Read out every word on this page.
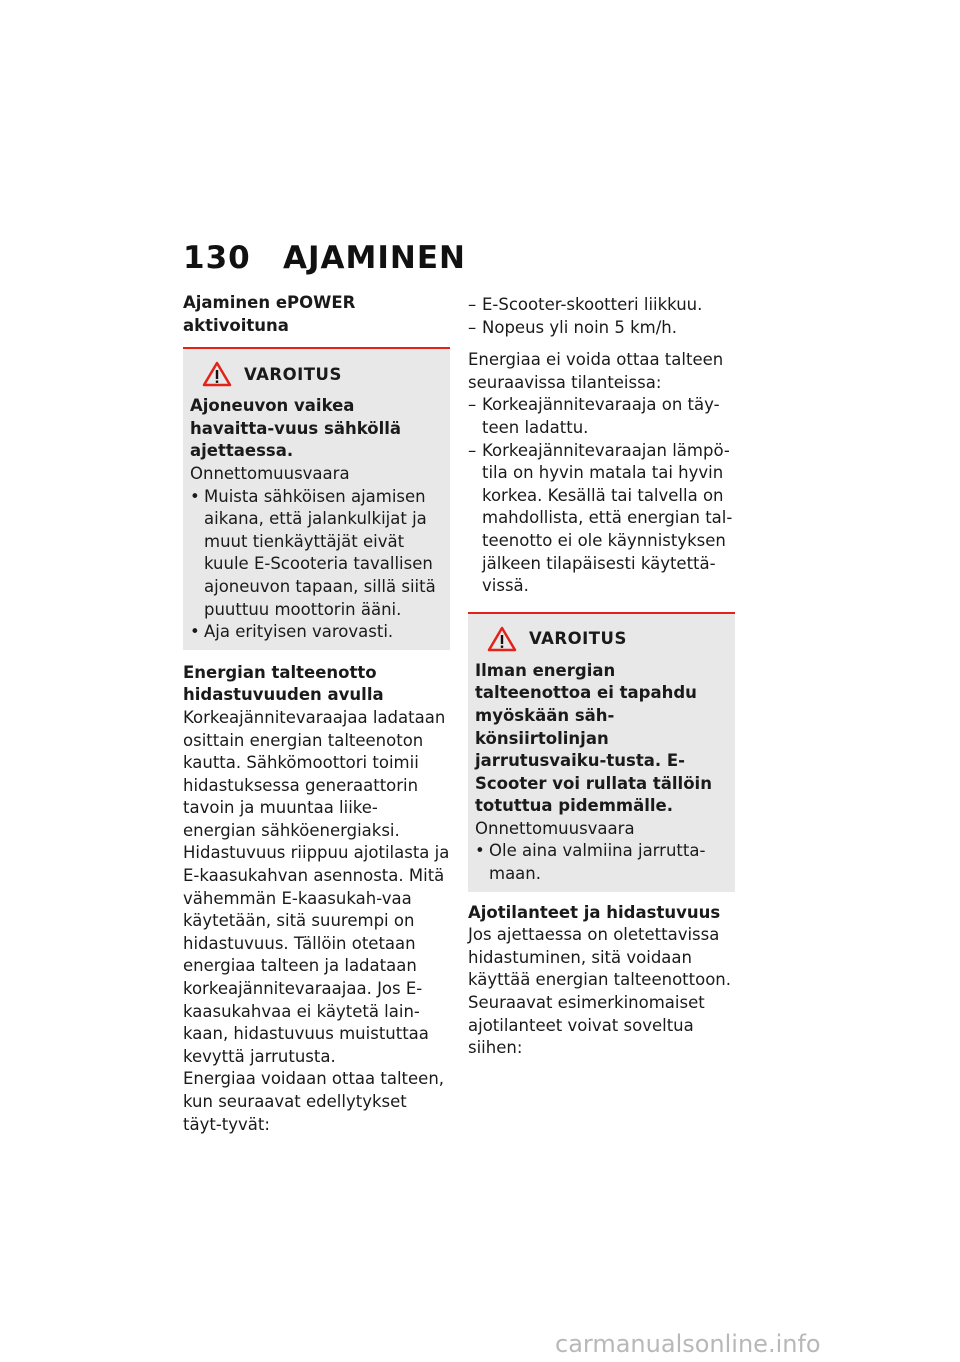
130 AJAMINEN
Ajaminen ePOWER aktivoituna
VAROITUS
Ajoneuvon vaikea havaitta-vuus sähköllä ajettaessa.
Onnettomuusvaara
• Muista sähköisen ajamisen aikana, että jalankulkijat ja muut tienkäyttäjät eivät kuule E-Scooteria tavallisen ajoneuvon tapaan, sillä siitä puuttuu moottorin ääni.
• Aja erityisen varovasti.
Energian talteenotto hidastuvuuden avulla
Korkeajännitevaraajaa ladataan osittain energian talteenoton kautta. Sähkömoottori toimii hidastuksessa generaattorin tavoin ja muuntaa liike-energian sähköenergiaksi.
Hidastuvuus riippuu ajotilasta ja E-kaasukahvan asennosta. Mitä vähemmän E-kaasukah-vaa käytetään, sitä suurempi on hidastuvuus. Tällöin otetaan energiaa talteen ja ladataan korkeajännitevaraajaa. Jos E-kaasukahvaa ei käytetä lain-kaan, hidastuvuus muistuttaa kevyttä jarrutusta.
Energiaa voidaan ottaa talteen, kun seuraavat edellytykset täyt-tyvät:
– E-Scooter-skootteri liikkuu.
– Nopeus yli noin 5 km/h.
Energiaa ei voida ottaa talteen seuraavissa tilanteissa:
– Korkeajännitevaraaja on täy-teen ladattu.
– Korkeajännitevaraajan lämpö-tila on hyvin matala tai hyvin korkea. Kesällä tai talvella on mahdollista, että energian tal-teenotto ei ole käynnistyksen jälkeen tilapäisesti käytettä-vissä.
VAROITUS
Ilman energian talteenottoa ei tapahdu myöskään säh-könsiirtolinjan jarrutusvaiku-tusta. E-Scooter voi rullata tällöin totuttua pidemmälle.
Onnettomuusvaara
• Ole aina valmiina jarrutta-maan.
Ajotilanteet ja hidastuvuus
Jos ajettaessa on oletettavissa hidastuminen, sitä voidaan käyttää energian talteenottoon. Seuraavat esimerkinomaiset ajotilanteet voivat soveltua siihen:
carmanualsonline.info
